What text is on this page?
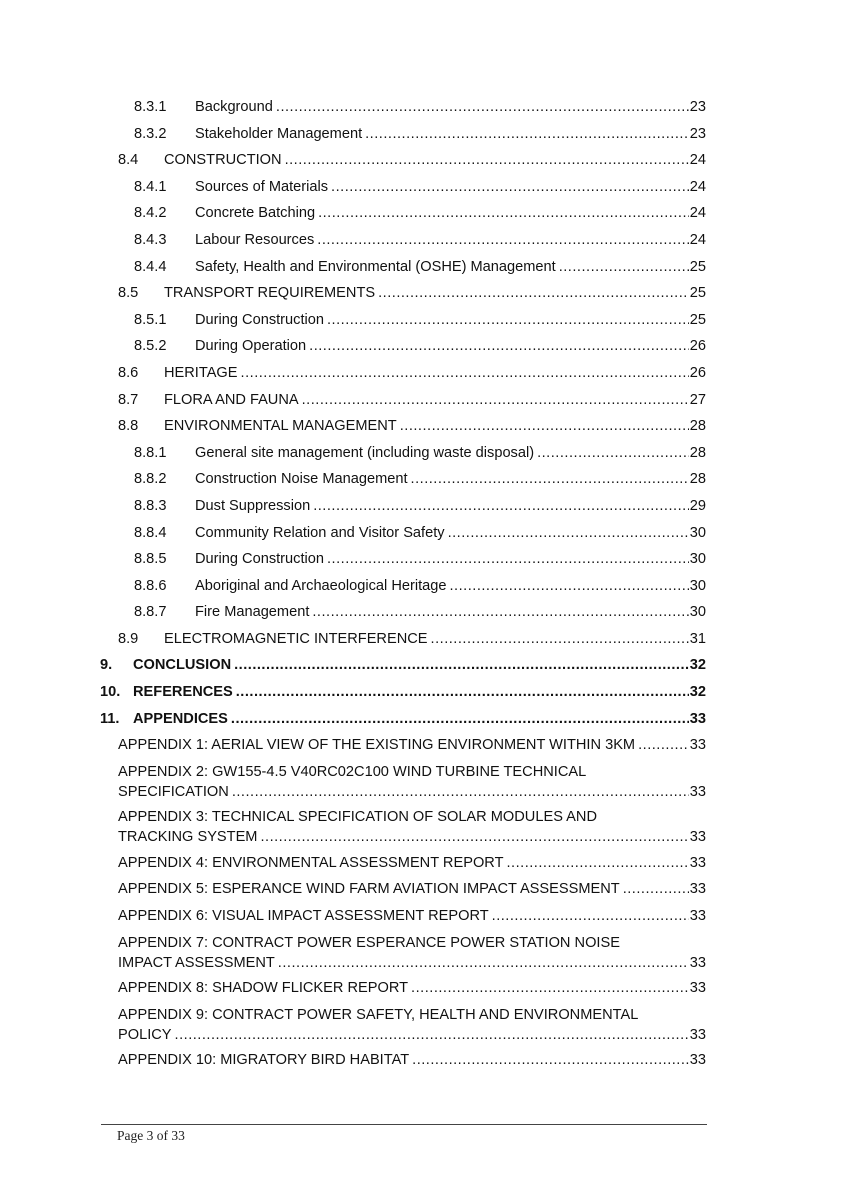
8.3.1	Background .....	23
8.3.2	Stakeholder Management .....	23
8.4	CONSTRUCTION .....	24
8.4.1	Sources of Materials .....	24
8.4.2	Concrete Batching .....	24
8.4.3	Labour Resources .....	24
8.4.4	Safety, Health and Environmental (OSHE) Management .....	25
8.5	TRANSPORT REQUIREMENTS .....	25
8.5.1	During Construction .....	25
8.5.2	During Operation .....	26
8.6	HERITAGE .....	26
8.7	FLORA AND FAUNA .....	27
8.8	ENVIRONMENTAL MANAGEMENT .....	28
8.8.1	General site management (including waste disposal) .....	28
8.8.2	Construction Noise Management .....	28
8.8.3	Dust Suppression .....	29
8.8.4	Community Relation and Visitor Safety .....	30
8.8.5	During Construction .....	30
8.8.6	Aboriginal and Archaeological Heritage .....	30
8.8.7	Fire Management .....	30
8.9	ELECTROMAGNETIC INTERFERENCE .....	31
9.	CONCLUSION .....	32
10. REFERENCES .....	32
11. APPENDICES .....	33
APPENDIX 1: AERIAL VIEW OF THE EXISTING ENVIRONMENT WITHIN 3KM .....	33
APPENDIX 2: GW155-4.5 V40RC02C100 WIND TURBINE TECHNICAL
SPECIFICATION .....	33
APPENDIX 3: TECHNICAL SPECIFICATION OF SOLAR MODULES AND
TRACKING SYSTEM .....	33
APPENDIX 4: ENVIRONMENTAL ASSESSMENT REPORT .....	33
APPENDIX 5: ESPERANCE WIND FARM AVIATION IMPACT ASSESSMENT .....	33
APPENDIX 6: VISUAL IMPACT ASSESSMENT REPORT .....	33
APPENDIX 7: CONTRACT POWER ESPERANCE POWER STATION NOISE
IMPACT ASSESSMENT .....	33
APPENDIX 8: SHADOW FLICKER REPORT .....	33
APPENDIX 9: CONTRACT POWER SAFETY, HEALTH AND ENVIRONMENTAL
POLICY .....	33
APPENDIX 10: MIGRATORY BIRD HABITAT .....	33
Page 3 of 33
